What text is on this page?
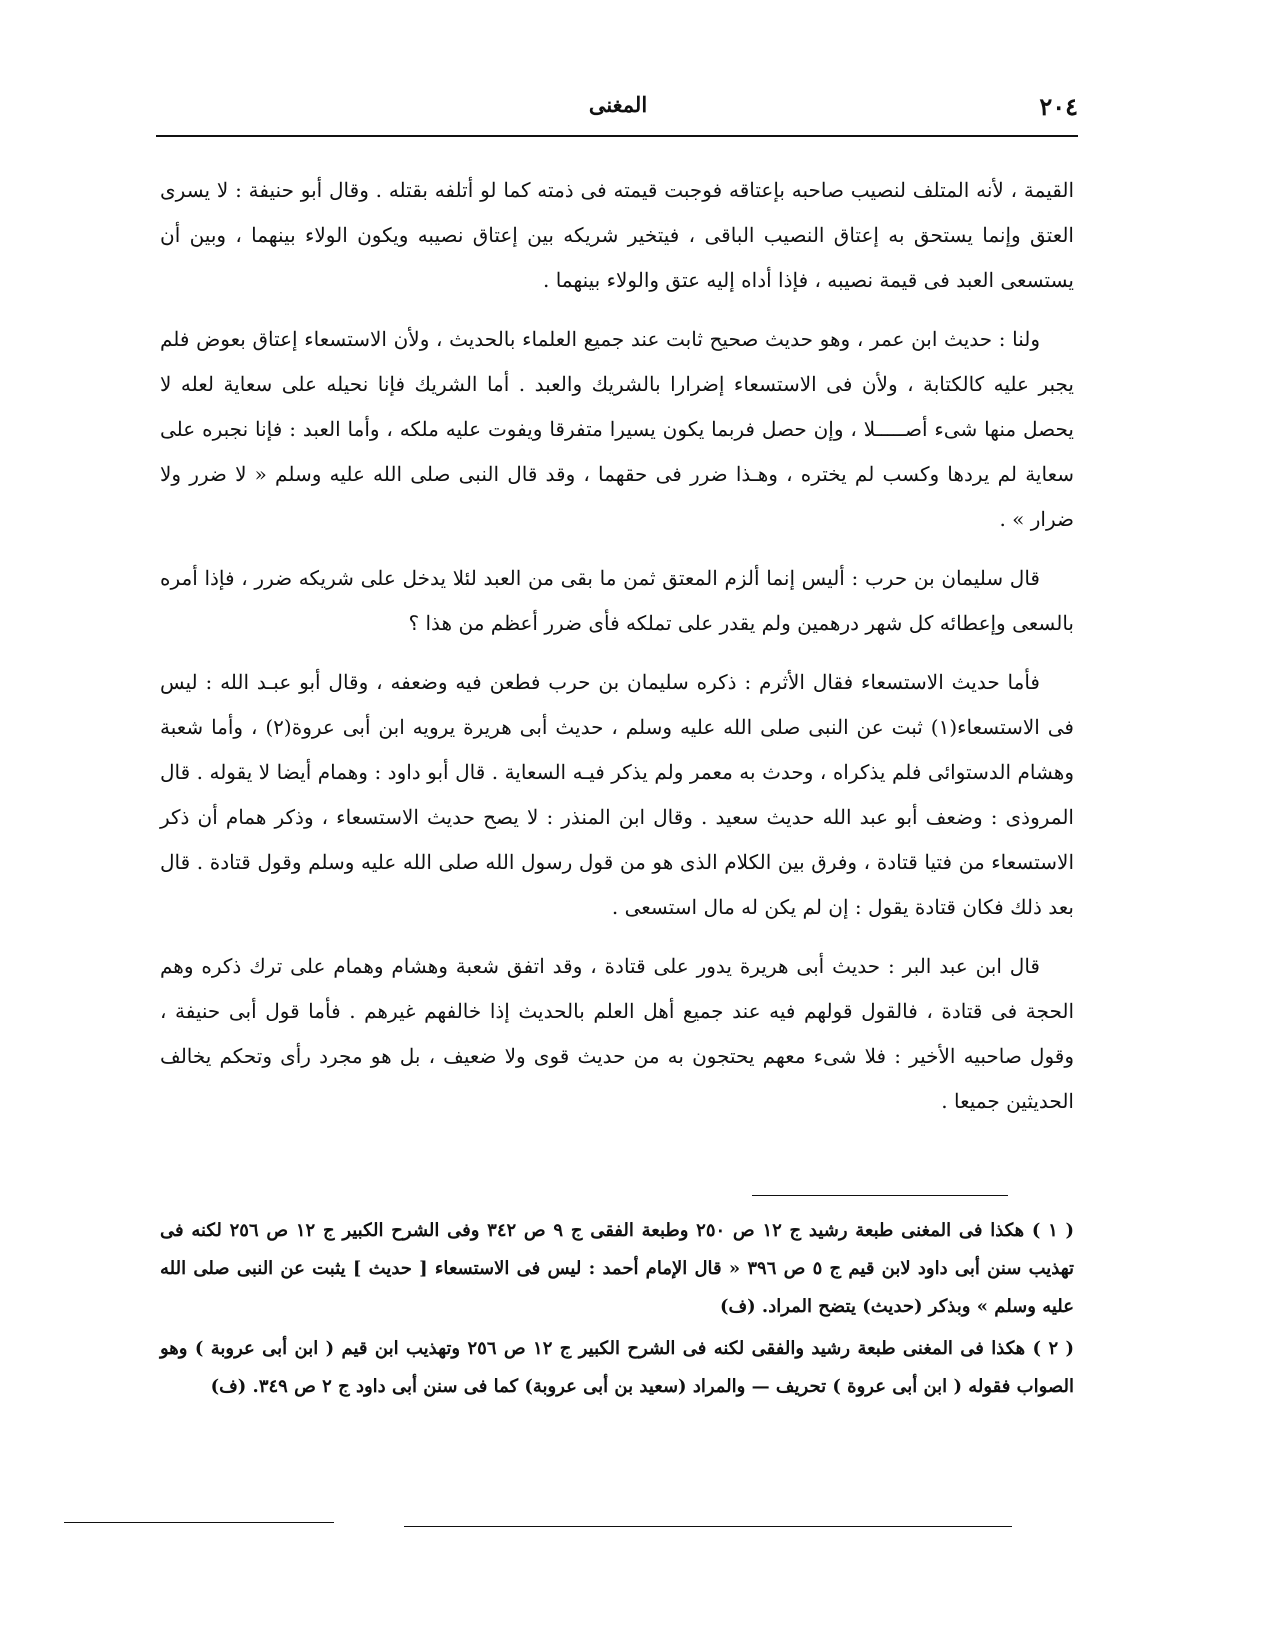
٢٠٤
المغنى

القيمة ، لأنه المتلف لنصيب صاحبه بإعتاقه فوجبت قيمته فى ذمته كما لو أتلفه بقتله . وقال أبو حنيفة : لا يسرى العتق وإنما يستحق به إعتاق النصيب الباقى ، فيتخير شريكه بين إعتاق نصيبه ويكون الولاء بينهما ، وبين أن يستسعى العبد فى قيمة نصيبه ، فإذا أداه إليه عتق والولاء بينهما .

ولنا : حديث ابن عمر ، وهو حديث صحيح ثابت عند جميع العلماء بالحديث ، ولأن الاستسعاء إعتاق بعوض فلم يجبر عليه كالكتابة ، ولأن فى الاستسعاء إضرارا بالشريك والعبد . أما الشريك فإنا نحيله على سعاية لعله لا يحصل منها شىء أصـــــلا ، وإن حصل فربما يكون يسيرا متفرقا ويفوت عليه ملكه ، وأما العبد : فإنا نجبره على سعاية لم يردها وكسب لم يختره ، وهـذا ضرر فى حقهما ، وقد قال النبى صلى الله عليه وسلم « لا ضرر ولا ضرار » .

قال سليمان بن حرب : أليس إنما ألزم المعتق ثمن ما بقى من العبد لئلا يدخل على شريكه ضرر ، فإذا أمره بالسعى وإعطائه كل شهر درهمين ولم يقدر على تملكه فأى ضرر أعظم من هذا ؟

فأما حديث الاستسعاء فقال الأثرم : ذكره سليمان بن حرب فطعن فيه وضعفه ، وقال أبو عبـد الله : ليس فى الاستسعاء(١) ثبت عن النبى صلى الله عليه وسلم ، حديث أبى هريرة يرويه ابن أبى عروة(٢) ، وأما شعبة وهشام الدستوائى فلم يذكراه ، وحدث به معمر ولم يذكر فيـه السعاية . قال أبو داود : وهمام أيضا لا يقوله . قال المروذى : وضعف أبو عبد الله حديث سعيد . وقال ابن المنذر : لا يصح حديث الاستسعاء ، وذكر همام أن ذكر الاستسعاء من فتيا قتادة ، وفرق بين الكلام الذى هو من قول رسول الله صلى الله عليه وسلم وقول قتادة . قال بعد ذلك فكان قتادة يقول : إن لم يكن له مال استسعى .

قال ابن عبد البر : حديث أبى هريرة يدور على قتادة ، وقد اتفق شعبة وهشام وهمام على ترك ذكره وهم الحجة فى قتادة ، فالقول قولهم فيه عند جميع أهل العلم بالحديث إذا خالفهم غيرهم . فأما قول أبى حنيفة ، وقول صاحبيه الأخير : فلا شىء معهم يحتجون به من حديث قوى ولا ضعيف ، بل هو مجرد رأى وتحكم يخالف الحديثين جميعا .

( ١ ) هكذا فى المغنى طبعة رشيد ج ١٢ ص ٢٥٠ وطبعة الفقى ج ٩ ص ٣٤٢ وفى الشرح الكبير ج ١٢ ص ٢٥٦ لكنه فى تهذيب سنن أبى داود لابن قيم ج ٥ ص ٣٩٦ « قال الإمام أحمد : ليس فى الاستسعاء [ حديث ] يثبت عن النبى صلى الله عليه وسلم » وبذكر (حديث) يتضح المراد. (ف)

( ٢ ) هكذا فى المغنى طبعة رشيد والفقى لكنه فى الشرح الكبير ج ١٢ ص ٢٥٦ وتهذيب ابن قيم ( ابن أبى عروبة ) وهو الصواب فقوله ( ابن أبى عروة ) تحريف — والمراد (سعيد بن أبى عروبة) كما فى سنن أبى داود ج ٢ ص ٣٤٩. (ف)
